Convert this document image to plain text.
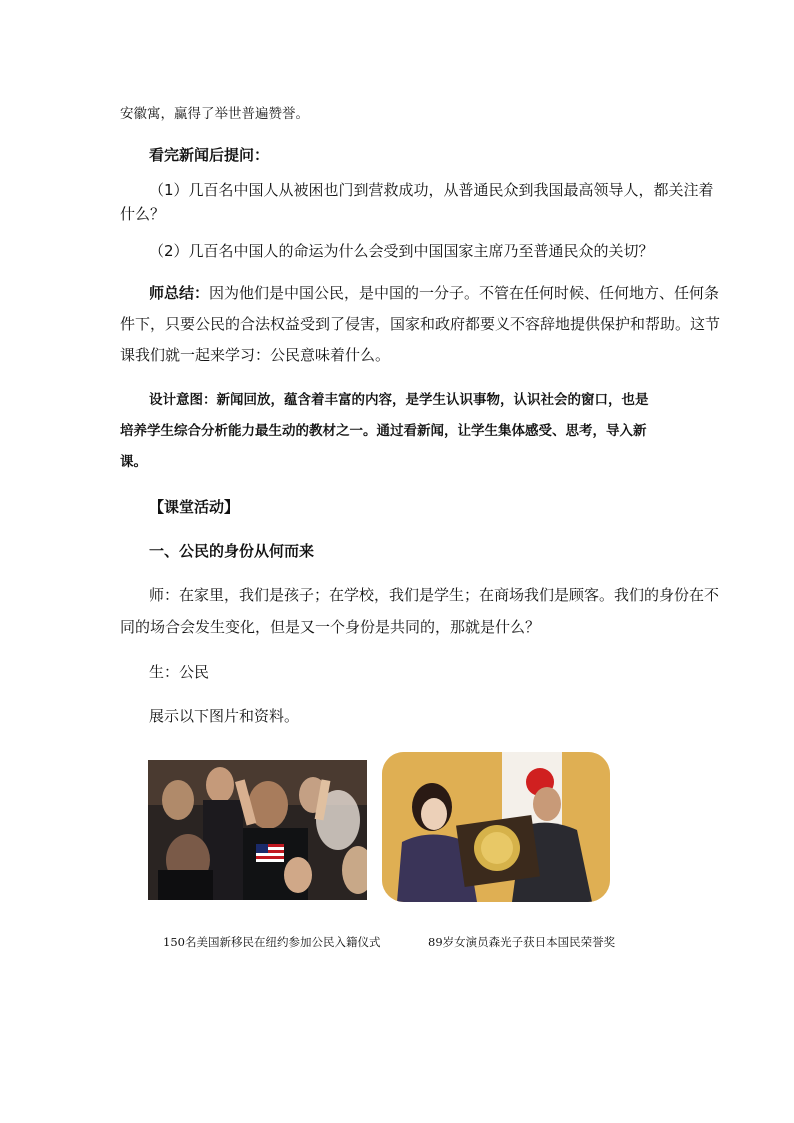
安徽寓，赢得了举世普遍赞誉。
看完新闻后提问：
（1）几百名中国人从被困也门到营救成功，从普通民众到我国最高领导人，都关注着
什么？
（2）几百名中国人的命运为什么会受到中国国家主席乃至普通民众的关切？
师总结：因为他们是中国公民，是中国的一分子。不管在任何时候、任何地方、任何条
件下，只要公民的合法权益受到了侵害，国家和政府都要义不容辞地提供保护和帮助。这节
课我们就一起来学习：公民意味着什么。
设计意图：新闻回放，蕴含着丰富的内容，是学生认识事物，认识社会的窗口，也是
培养学生综合分析能力最生动的教材之一。通过看新闻，让学生集体感受、思考，导入新
课。
【课堂活动】
一、公民的身份从何而来
师：在家里，我们是孩子；在学校，我们是学生；在商场我们是顾客。我们的身份在不
同的场合会发生变化，但是又一个身份是共同的，那就是什么？
生：公民
展示以下图片和资料。
150名美国新移民在纽约参加公民入籍仪式	89岁女演员森光子获日本国民荣誉奖
